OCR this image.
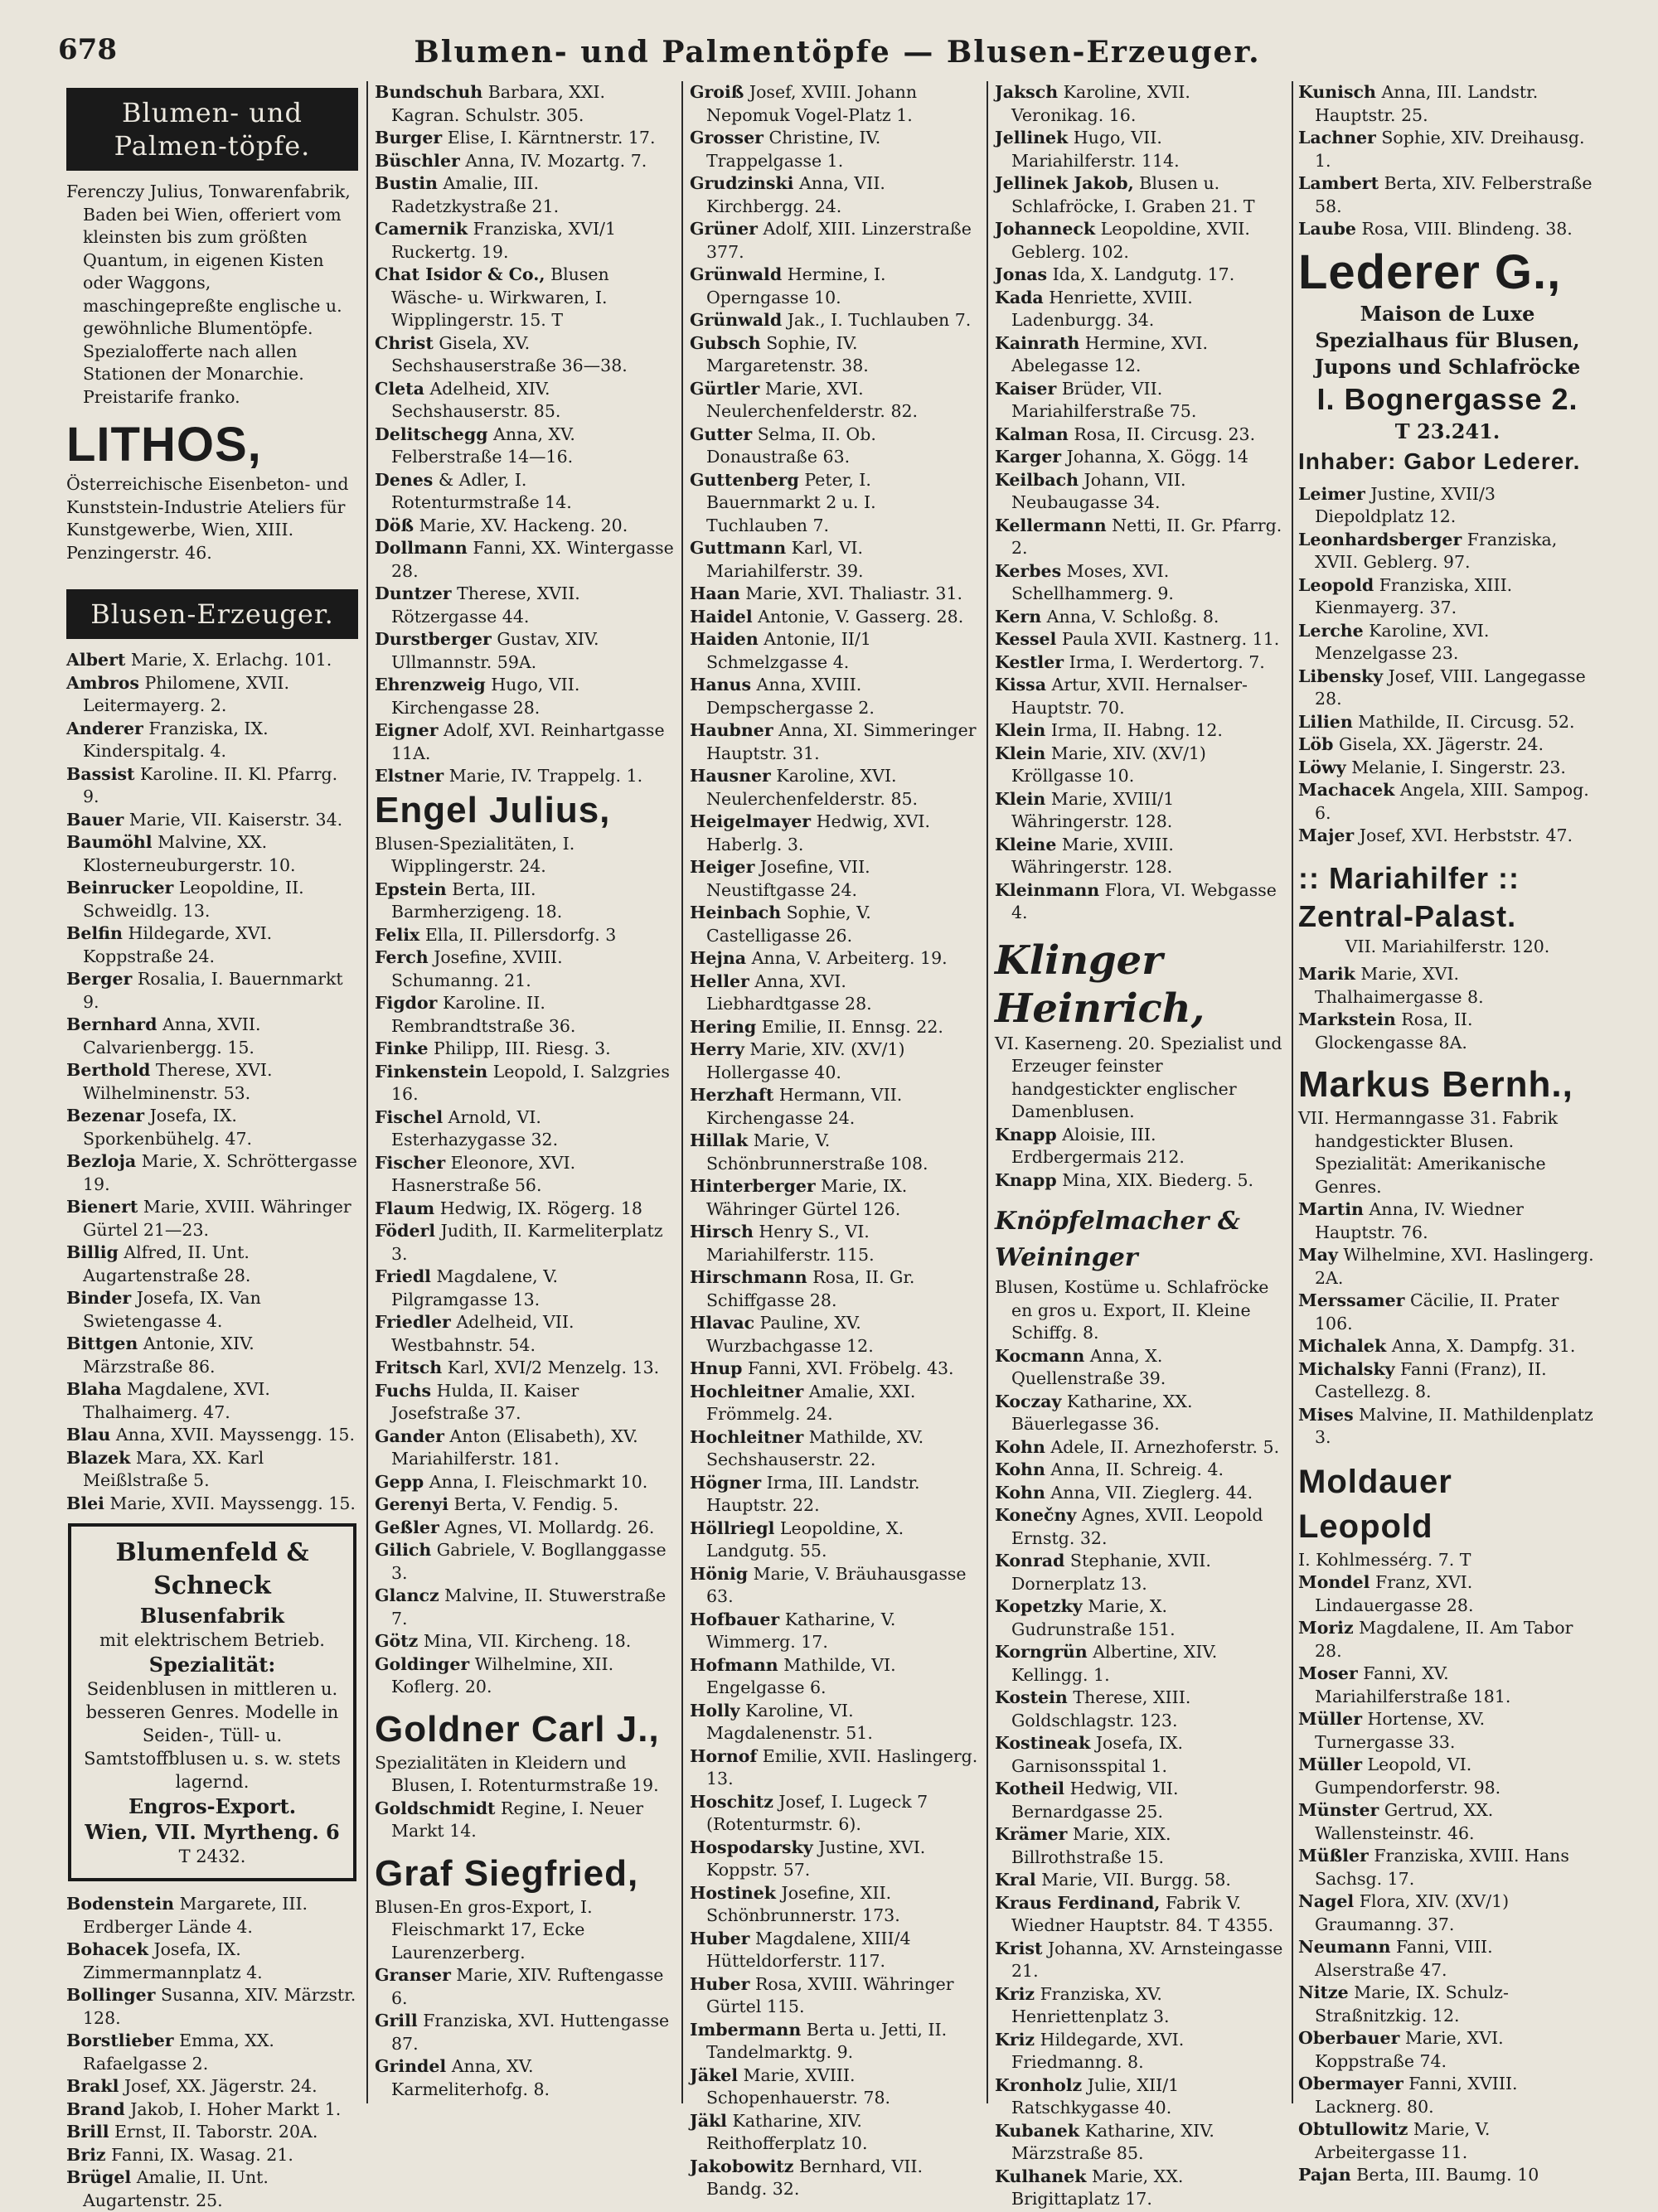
678	Blumen- und Palmentöpfe — Blusen-Erzeuger.
Blumen- und Palmen-töpfe.

Ferenczy Julius, Tonwarenfabrik, Baden bei Wien, offeriert vom kleinsten bis zum größten Quantum, in eigenen Kisten oder Waggons, maschingepreßte englische u. gewöhnliche Blumentöpfe. Spezialofferte nach allen Stationen der Monarchie. Preistarife franko.

LITHOS,

Österreichische Eisenbeton- und Kunststein-Industrie Ateliers für Kunstgewerbe, Wien, XIII. Penzingerstr. 46.

Blusen-Erzeuger.

Albert Marie, X. Erlachg. 101.

Ambros Philomene, XVII. Leitermayerg. 2.

Anderer Franziska, IX. Kinderspitalg. 4.

Bassist Karoline. II. Kl. Pfarrg. 9.

Bauer Marie, VII. Kaiserstr. 34.

Baumöhl Malvine, XX. Klosterneuburgerstr. 10.

Beinrucker Leopoldine, II. Schweidlg. 13.

Belfin Hildegarde, XVI. Koppstraße 24.

Berger Rosalia, I. Bauernmarkt 9.

Bernhard Anna, XVII. Calvarienbergg. 15.

Berthold Therese, XVI. Wilhelminenstr. 53.

Bezenar Josefa, IX. Sporkenbühelg. 47.

Bezloja Marie, X. Schröttergasse 19.

Bienert Marie, XVIII. Währinger Gürtel 21—23.

Billig Alfred, II. Unt. Augartenstraße 28.

Binder Josefa, IX. Van Swietengasse 4.

Bittgen Antonie, XIV. Märzstraße 86.

Blaha Magdalene, XVI. Thalhaimerg. 47.

Blau Anna, XVII. Mayssengg. 15.

Blazek Mara, XX. Karl Meißlstraße 5.

Blei Marie, XVII. Mayssengg. 15.

Blumenfeld & Schneck
Blusenfabrik
mit elektrischem Betrieb.
Spezialität:
Seidenblusen in mittleren u. besseren Genres. Modelle in Seiden-, Tüll- u. Samtstoffblusen u. s. w. stets lagernd.
Engros-Export.
Wien, VII. Myrtheng. 6
T 2432.

Bodenstein Margarete, III. Erdberger Lände 4.

Bohacek Josefa, IX. Zimmermannplatz 4.

Bollinger Susanna, XIV. Märzstr. 128.

Borstlieber Emma, XX. Rafaelgasse 2.

Brakl Josef, XX. Jägerstr. 24.

Brand Jakob, I. Hoher Markt 1.

Brill Ernst, II. Taborstr. 20A.

Briz Fanni, IX. Wasag. 21.

Brügel Amalie, II. Unt. Augartenstr. 25.

Bundschuh Barbara, XXI. Kagran. Schulstr. 305.

Burger Elise, I. Kärntnerstr. 17.

Büschler Anna, IV. Mozartg. 7.

Bustin Amalie, III. Radetzkystraße 21.

Camernik Franziska, XVI/1 Ruckertg. 19.

Chat Isidor & Co., Blusen Wäsche- u. Wirkwaren, I. Wipplingerstr. 15. T

Christ Gisela, XV. Sechshauserstraße 36—38.

Cleta Adelheid, XIV. Sechshauserstr. 85.

Delitschegg Anna, XV. Felberstraße 14—16.

Denes & Adler, I. Rotenturmstraße 14.

Döß Marie, XV. Hackeng. 20.

Dollmann Fanni, XX. Wintergasse 28.

Duntzer Therese, XVII. Rötzergasse 44.

Durstberger Gustav, XIV. Ullmannstr. 59A.

Ehrenzweig Hugo, VII. Kirchengasse 28.

Eigner Adolf, XVI. Reinhartgasse 11A.

Elstner Marie, IV. Trappelg. 1.

Engel Julius,

Blusen-Spezialitäten, I. Wipplingerstr. 24.

Epstein Berta, III. Barmherzigeng. 18.

Felix Ella, II. Pillersdorfg. 3

Ferch Josefine, XVIII. Schumanng. 21.

Figdor Karoline. II. Rembrandtstraße 36.

Finke Philipp, III. Riesg. 3.

Finkenstein Leopold, I. Salzgries 16.

Fischel Arnold, VI. Esterhazygasse 32.

Fischer Eleonore, XVI. Hasnerstraße 56.

Flaum Hedwig, IX. Rögerg. 18

Föderl Judith, II. Karmeliterplatz 3.

Friedl Magdalene, V. Pilgramgasse 13.

Friedler Adelheid, VII. Westbahnstr. 54.

Fritsch Karl, XVI/2 Menzelg. 13.

Fuchs Hulda, II. Kaiser Josefstraße 37.

Gander Anton (Elisabeth), XV. Mariahilferstr. 181.

Gepp Anna, I. Fleischmarkt 10.

Gerenyi Berta, V. Fendig. 5.

Geßler Agnes, VI. Mollardg. 26.

Gilich Gabriele, V. Bogllanggasse 3.

Glancz Malvine, II. Stuwerstraße 7.

Götz Mina, VII. Kircheng. 18.

Goldinger Wilhelmine, XII. Koflerg. 20.

Goldner Carl J.,

Spezialitäten in Kleidern und Blusen, I. Rotenturmstraße 19.

Goldschmidt Regine, I. Neuer Markt 14.

Graf Siegfried,

Blusen-En gros-Export, I. Fleischmarkt 17, Ecke Laurenzerberg.

Granser Marie, XIV. Ruftengasse 6.

Grill Franziska, XVI. Huttengasse 87.

Grindel Anna, XV. Karmeliterhofg. 8.

Groiß Josef, XVIII. Johann Nepomuk Vogel-Platz 1.

Grosser Christine, IV. Trappelgasse 1.

Grudzinski Anna, VII. Kirchbergg. 24.

Grüner Adolf, XIII. Linzerstraße 377.

Grünwald Hermine, I. Operngasse 10.

Grünwald Jak., I. Tuchlauben 7.

Gubsch Sophie, IV. Margaretenstr. 38.

Gürtler Marie, XVI. Neulerchenfelderstr. 82.

Gutter Selma, II. Ob. Donaustraße 63.

Guttenberg Peter, I. Bauernmarkt 2 u. I. Tuchlauben 7.

Guttmann Karl, VI. Mariahilferstr. 39.

Haan Marie, XVI. Thaliastr. 31.

Haidel Antonie, V. Gasserg. 28.

Haiden Antonie, II/1 Schmelzgasse 4.

Hanus Anna, XVIII. Dempschergasse 2.

Haubner Anna, XI. Simmeringer Hauptstr. 31.

Hausner Karoline, XVI. Neulerchenfelderstr. 85.

Heigelmayer Hedwig, XVI. Haberlg. 3.

Heiger Josefine, VII. Neustiftgasse 24.

Heinbach Sophie, V. Castelligasse 26.

Hejna Anna, V. Arbeiterg. 19.

Heller Anna, XVI. Liebhardtgasse 28.

Hering Emilie, II. Ennsg. 22.

Herry Marie, XIV. (XV/1) Hollergasse 40.

Herzhaft Hermann, VII. Kirchengasse 24.

Hillak Marie, V. Schönbrunnerstraße 108.

Hinterberger Marie, IX. Währinger Gürtel 126.

Hirsch Henry S., VI. Mariahilferstr. 115.

Hirschmann Rosa, II. Gr. Schiffgasse 28.

Hlavac Pauline, XV. Wurzbachgasse 12.

Hnup Fanni, XVI. Fröbelg. 43.

Hochleitner Amalie, XXI. Frömmelg. 24.

Hochleitner Mathilde, XV. Sechshauserstr. 22.

Högner Irma, III. Landstr. Hauptstr. 22.

Höllriegl Leopoldine, X. Landgutg. 55.

Hönig Marie, V. Bräuhausgasse 63.

Hofbauer Katharine, V. Wimmerg. 17.

Hofmann Mathilde, VI. Engelgasse 6.

Holly Karoline, VI. Magdalenenstr. 51.

Hornof Emilie, XVII. Haslingerg. 13.

Hoschitz Josef, I. Lugeck 7 (Rotenturmstr. 6).

Hospodarsky Justine, XVI. Koppstr. 57.

Hostinek Josefine, XII. Schönbrunnerstr. 173.

Huber Magdalene, XIII/4 Hütteldorferstr. 117.

Huber Rosa, XVIII. Währinger Gürtel 115.

Imbermann Berta u. Jetti, II. Tandelmarktg. 9.

Jäkel Marie, XVIII. Schopenhauerstr. 78.

Jäkl Katharine, XIV. Reithofferplatz 10.

Jakobowitz Bernhard, VII. Bandg. 32.

Jaksch Karoline, XVII. Veronikag. 16.

Jellinek Hugo, VII. Mariahilferstr. 114.

Jellinek Jakob, Blusen u. Schlafröcke, I. Graben 21. T

Johanneck Leopoldine, XVII. Geblerg. 102.

Jonas Ida, X. Landgutg. 17.

Kada Henriette, XVIII. Ladenburgg. 34.

Kainrath Hermine, XVI. Abelegasse 12.

Kaiser Brüder, VII. Mariahilferstraße 75.

Kalman Rosa, II. Circusg. 23.

Karger Johanna, X. Gögg. 14

Keilbach Johann, VII. Neubaugasse 34.

Kellermann Netti, II. Gr. Pfarrg. 2.

Kerbes Moses, XVI. Schellhammerg. 9.

Kern Anna, V. Schloßg. 8.

Kessel Paula XVII. Kastnerg. 11.

Kestler Irma, I. Werdertorg. 7.

Kissa Artur, XVII. Hernalser-Hauptstr. 70.

Klein Irma, II. Habng. 12.

Klein Marie, XIV. (XV/1) Kröllgasse 10.

Klein Marie, XVIII/1 Währingerstr. 128.

Kleine Marie, XVIII. Währingerstr. 128.

Kleinmann Flora, VI. Webgasse 4.

Klinger Heinrich,

VI. Kaserneng. 20. Spezialist und Erzeuger feinster handgestickter englischer Damenblusen.

Knapp Aloisie, III. Erdbergermais 212.

Knapp Mina, XIX. Biederg. 5.

Knöpfelmacher & Weininger

Blusen, Kostüme u. Schlafröcke en gros u. Export, II. Kleine Schiffg. 8.

Kocmann Anna, X. Quellenstraße 39.

Koczay Katharine, XX. Bäuerlegasse 36.

Kohn Adele, II. Arnezhoferstr. 5.

Kohn Anna, II. Schreig. 4.

Kohn Anna, VII. Zieglerg. 44.

Konečny Agnes, XVII. Leopold Ernstg. 32.

Konrad Stephanie, XVII. Dornerplatz 13.

Kopetzky Marie, X. Gudrunstraße 151.

Korngrün Albertine, XIV. Kellingg. 1.

Kostein Therese, XIII. Goldschlagstr. 123.

Kostineak Josefa, IX. Garnisonsspital 1.

Kotheil Hedwig, VII. Bernardgasse 25.

Krämer Marie, XIX. Billrothstraße 15.

Kral Marie, VII. Burgg. 58.

Kraus Ferdinand, Fabrik V. Wiedner Hauptstr. 84. T 4355.

Krist Johanna, XV. Arnsteingasse 21.

Kriz Franziska, XV. Henriettenplatz 3.

Kriz Hildegarde, XVI. Friedmanng. 8.

Kronholz Julie, XII/1 Ratschkygasse 40.

Kubanek Katharine, XIV. Märzstraße 85.

Kulhanek Marie, XX. Brigittaplatz 17.

Kunisch Anna, III. Landstr. Hauptstr. 25.

Lachner Sophie, XIV. Dreihausg. 1.

Lambert Berta, XIV. Felberstraße 58.

Laube Rosa, VIII. Blindeng. 38.

Lederer G.,
Maison de Luxe
Spezialhaus für Blusen, Jupons und Schlafröcke
I. Bognergasse 2.
T 23.241.
Inhaber: Gabor Lederer.

Leimer Justine, XVII/3 Diepoldplatz 12.

Leonhardsberger Franziska, XVII. Geblerg. 97.

Leopold Franziska, XIII. Kienmayerg. 37.

Lerche Karoline, XVI. Menzelgasse 23.

Libensky Josef, VIII. Langegasse 28.

Lilien Mathilde, II. Circusg. 52.

Löb Gisela, XX. Jägerstr. 24.

Löwy Melanie, I. Singerstr. 23.

Machacek Angela, XIII. Sampog. 6.

Majer Josef, XVI. Herbststr. 47.

:: Mariahilfer ::
Zentral-Palast.
VII. Mariahilferstr. 120.

Marik Marie, XVI. Thalhaimergasse 8.

Markstein Rosa, II. Glockengasse 8A.

Markus Bernh.,

VII. Hermanngasse 31. Fabrik handgestickter Blusen. Spezialität: Amerikanische Genres.

Martin Anna, IV. Wiedner Hauptstr. 76.

May Wilhelmine, XVI. Haslingerg. 2A.

Merssamer Cäcilie, II. Prater 106.

Michalek Anna, X. Dampfg. 31.

Michalsky Fanni (Franz), II. Castellezg. 8.

Mises Malvine, II. Mathildenplatz 3.

Moldauer Leopold

I. Kohlmessérg. 7. T

Mondel Franz, XVI. Lindauergasse 28.

Moriz Magdalene, II. Am Tabor 28.

Moser Fanni, XV. Mariahilferstraße 181.

Müller Hortense, XV. Turnergasse 33.

Müller Leopold, VI. Gumpendorferstr. 98.

Münster Gertrud, XX. Wallensteinstr. 46.

Müßler Franziska, XVIII. Hans Sachsg. 17.

Nagel Flora, XIV. (XV/1) Graumanng. 37.

Neumann Fanni, VIII. Alserstraße 47.

Nitze Marie, IX. Schulz-Straßnitzkig. 12.

Oberbauer Marie, XVI. Koppstraße 74.

Obermayer Fanni, XVIII. Lacknerg. 80.

Obtullowitz Marie, V. Arbeitergasse 11.

Pajan Berta, III. Baumg. 10
